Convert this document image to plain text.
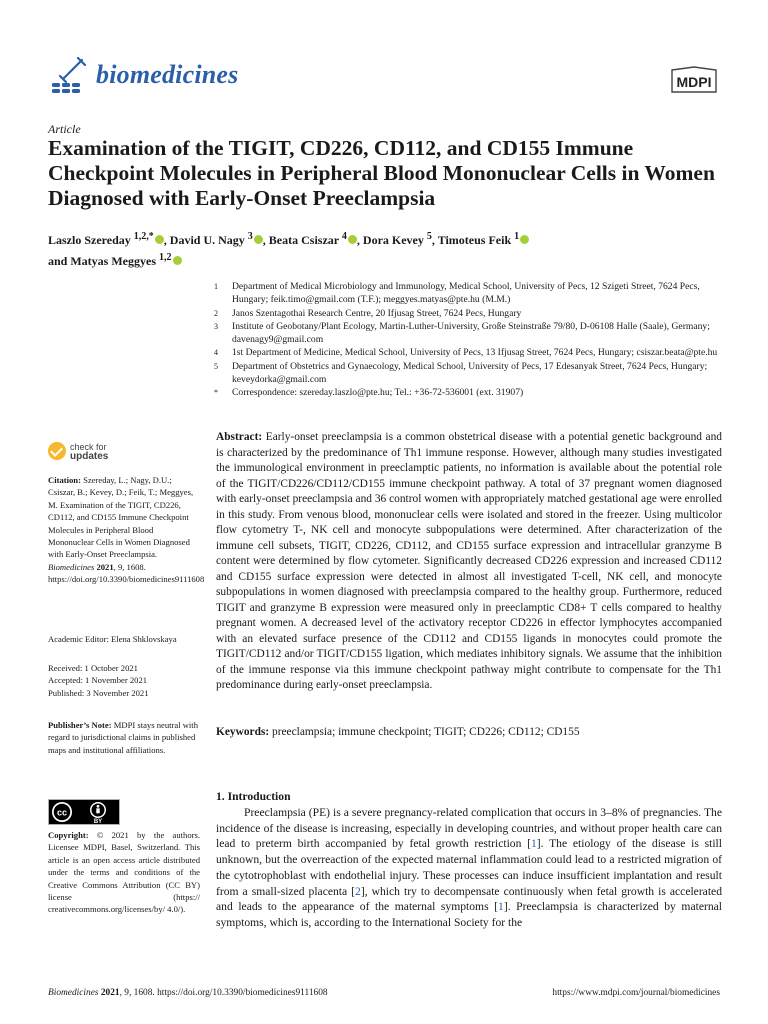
biomedicines	MDPI
Article
Examination of the TIGIT, CD226, CD112, and CD155 Immune Checkpoint Molecules in Peripheral Blood Mononuclear Cells in Women Diagnosed with Early-Onset Preeclampsia
Laszlo Szereday $^{1,2,*}$ , David U. Nagy $^3$ , Beata Csiszar $^4$ , Dora Kevey $^5$, Timoteus Feik $^1$
and Matyas Meggyes $^{1,2}$
1	Department of Medical Microbiology and Immunology, Medical School, University of Pecs, 12 Szigeti Street, 7624 Pecs, Hungary; feik.timo@gmail.com (T.F.); meggyes.matyas@pte.hu (M.M.)
2	Janos Szentagothai Research Centre, 20 Ifjusag Street, 7624 Pecs, Hungary
3	Institute of Geobotany/Plant Ecology, Martin-Luther-University, Große Steinstraße 79/80, D-06108 Halle (Saale), Germany; davenagy9@gmail.com
4	1st Department of Medicine, Medical School, University of Pecs, 13 Ifjusag Street, 7624 Pecs, Hungary; csiszar.beata@pte.hu
5	Department of Obstetrics and Gynaecology, Medical School, University of Pecs, 17 Edesanyak Street, 7624 Pecs, Hungary; keveydorka@gmail.com
*	Correspondence: szereday.laszlo@pte.hu; Tel.: +36-72-536001 (ext. 31907)
check for
updates
Citation: Szereday, L.; Nagy, D.U.; Csiszar, B.; Kevey, D.; Feik, T.; Meggyes, M. Examination of the TIGIT, CD226, CD112, and CD155 Immune Checkpoint Molecules in Peripheral Blood Mononuclear Cells in Women Diagnosed with Early-Onset Preeclampsia. Biomedicines 2021, 9, 1608. https://doi.org/10.3390/biomedicines9111608
Academic Editor: Elena Shklovskaya
Received: 1 October 2021
Accepted: 1 November 2021
Published: 3 November 2021
Publisher’s Note: MDPI stays neutral with regard to jurisdictional claims in published maps and institutional affiliations.
cc
BY
Copyright: © 2021 by the authors. Licensee MDPI, Basel, Switzerland. This article is an open access article distributed under the terms and conditions of the Creative Commons Attribution (CC BY) license (https:// creativecommons.org/licenses/by/ 4.0/).
Abstract: Early-onset preeclampsia is a common obstetrical disease with a potential genetic background and is characterized by the predominance of Th1 immune response. However, although many studies investigated the immunological environment in preeclamptic patients, no information is available about the potential role of the TIGIT/CD226/CD112/CD155 immune checkpoint pathway. A total of 37 pregnant women diagnosed with early-onset preeclampsia and 36 control women with appropriately matched gestational age were enrolled in this study. From venous blood, mononuclear cells were isolated and stored in the freezer. Using multicolor flow cytometry T-, NK cell and monocyte subpopulations were determined. After characterization of the immune cell subsets, TIGIT, CD226, CD112, and CD155 surface expression and intracellular granzyme B content were determined by flow cytometer. Significantly decreased CD226 expression and increased CD112 and CD155 surface expression were detected in almost all investigated T-cell, NK cell, and monocyte subpopulations in women diagnosed with preeclampsia compared to the healthy group. Furthermore, reduced TIGIT and granzyme B expression were measured only in preeclamptic CD8+ T cells compared to healthy pregnant women. A decreased level of the activatory receptor CD226 in effector lymphocytes accompanied with an elevated surface presence of the CD112 and CD155 ligands in monocytes could promote the TIGIT/CD112 and/or TIGIT/CD155 ligation, which mediates inhibitory signals. We assume that the inhibition of the immune response via this immune checkpoint pathway might contribute to compensate for the Th1 predominance during early-onset preeclampsia.
Keywords: preeclampsia; immune checkpoint; TIGIT; CD226; CD112; CD155
1. Introduction
Preeclampsia (PE) is a severe pregnancy-related complication that occurs in 3–8% of pregnancies. The incidence of the disease is increasing, especially in developing countries, and without proper health care can lead to preterm birth accompanied by fetal growth restriction [1]. The etiology of the disease is still unknown, but the overreaction of the expected maternal inflammation could lead to a restricted migration of the cytotrophoblast with endothelial injury. These processes can induce insufficient implantation and result from a small-sized placenta [2], which try to decompensate continuously when fetal growth is accelerated and leads to the appearance of the maternal symptoms [1]. Preeclampsia is characterized by maternal symptoms, which is, according to the International Society for the
Biomedicines 2021, 9, 1608. https://doi.org/10.3390/biomedicines9111608	https://www.mdpi.com/journal/biomedicines
